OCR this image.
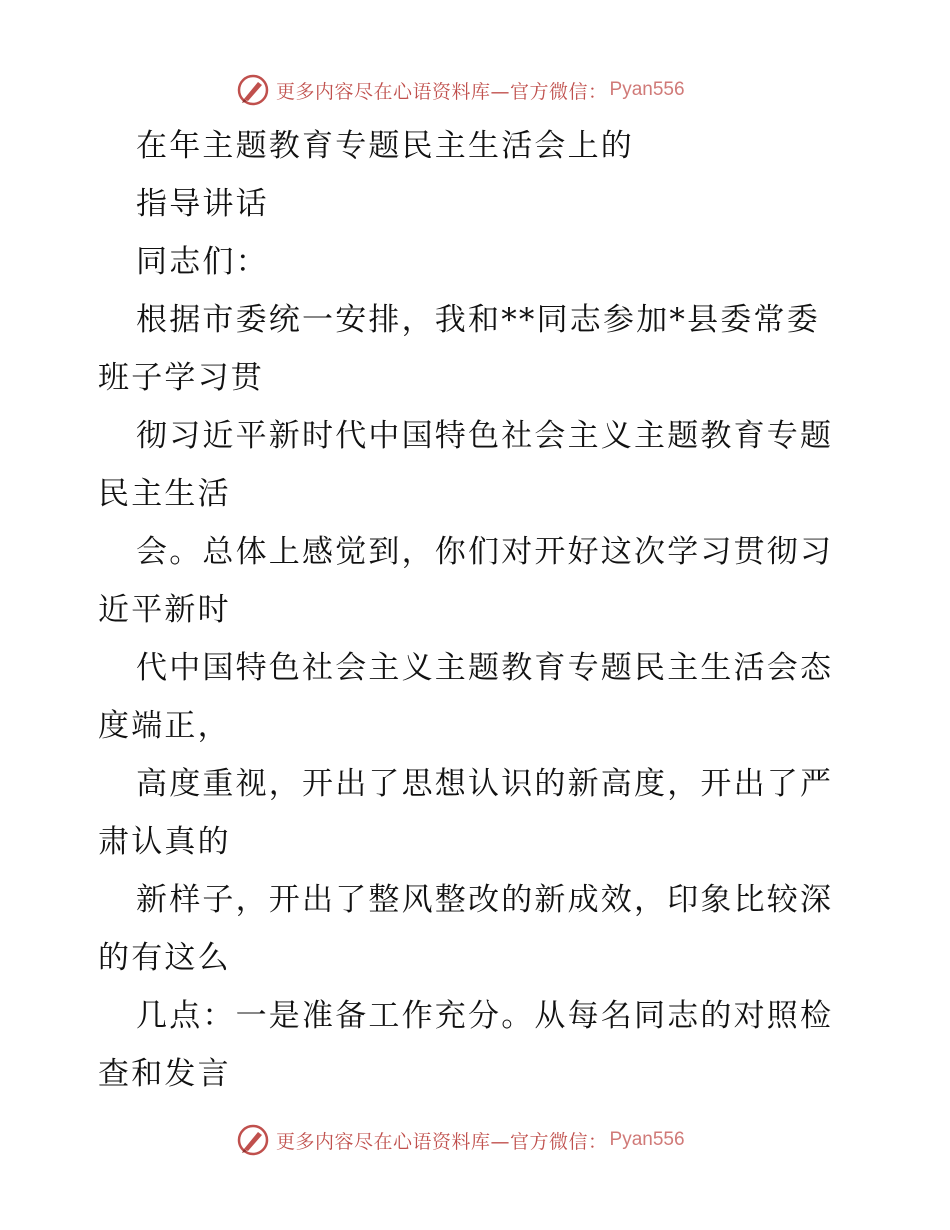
更多内容尽在心语资料库—官方微信： Pyan556
在年主题教育专题民主生活会上的
指导讲话
同志们：
根据市委统一安排，我和**同志参加*县委常委
班子学习贯
彻习近平新时代中国特色社会主义主题教育专题
民主生活
会。总体上感觉到，你们对开好这次学习贯彻习
近平新时
代中国特色社会主义主题教育专题民主生活会态
度端正，
高度重视，开出了思想认识的新高度，开出了严
肃认真的
新样子，开出了整风整改的新成效，印象比较深
的有这么
几点：一是准备工作充分。从每名同志的对照检
查和发言
更多内容尽在心语资料库—官方微信： Pyan556
